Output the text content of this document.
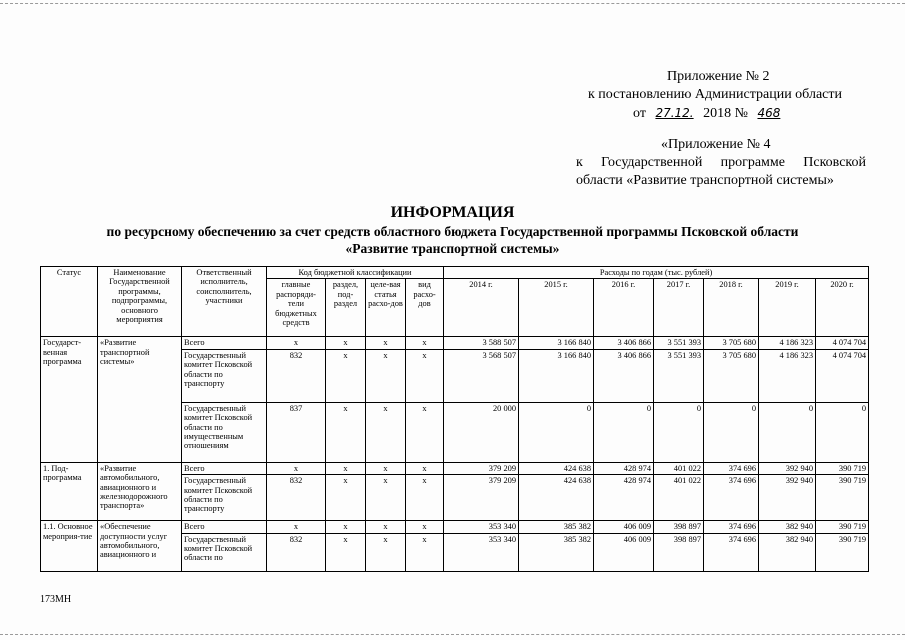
Приложение № 2
к постановлению Администрации области
от 27.12. 2018 № 468
«Приложение № 4
к Государственной программе Псковской
области «Развитие транспортной системы»
ИНФОРМАЦИЯ
по ресурсному обеспечению за счет средств областного бюджета Государственной программы Псковской области
«Развитие транспортной системы»
Статус	Наименование Государственной программы, подпрограммы, основного мероприятия	Ответственный исполнитель, соисполнитель, участники	Код бюджетной классификации				Расходы по годам (тыс. рублей)						
			главные распоряди-тели бюджетных средств	раздел, под-раздел	целе-вая статья расхо-дов	вид расхо-дов	2014 г.	2015 г.	2016 г.	2017 г.	2018 г.	2019 г.	2020 г.
Государст-венная программа	«Развитие транспортной системы»	Всего	х	х	х	х	3 588 507	3 166 840	3 406 866	3 551 393	3 705 680	4 186 323	4 074 704
		Государственный комитет Псковской области по транспорту	832	х	х	х	3 568 507	3 166 840	3 406 866	3 551 393	3 705 680	4 186 323	4 074 704
		Государственный комитет Псковской области по имущественным отношениям	837	х	х	х	20 000	0	0	0	0	0	0
1. Под-программа	«Развитие автомобильного, авиационного и железнодорожного транспорта»	Всего	х	х	х	х	379 209	424 638	428 974	401 022	374 696	392 940	390 719
		Государственный комитет Псковской области по транспорту	832	х	х	х	379 209	424 638	428 974	401 022	374 696	392 940	390 719
1.1. Основное мероприя-тие	«Обеспечение доступности услуг автомобильного, авиационного и	Всего	х	х	х	х	353 340	385 382	406 009	398 897	374 696	382 940	390 719
		Государственный комитет Псковской области по	832	х	х	х	353 340	385 382	406 009	398 897	374 696	382 940	390 719
173МН
